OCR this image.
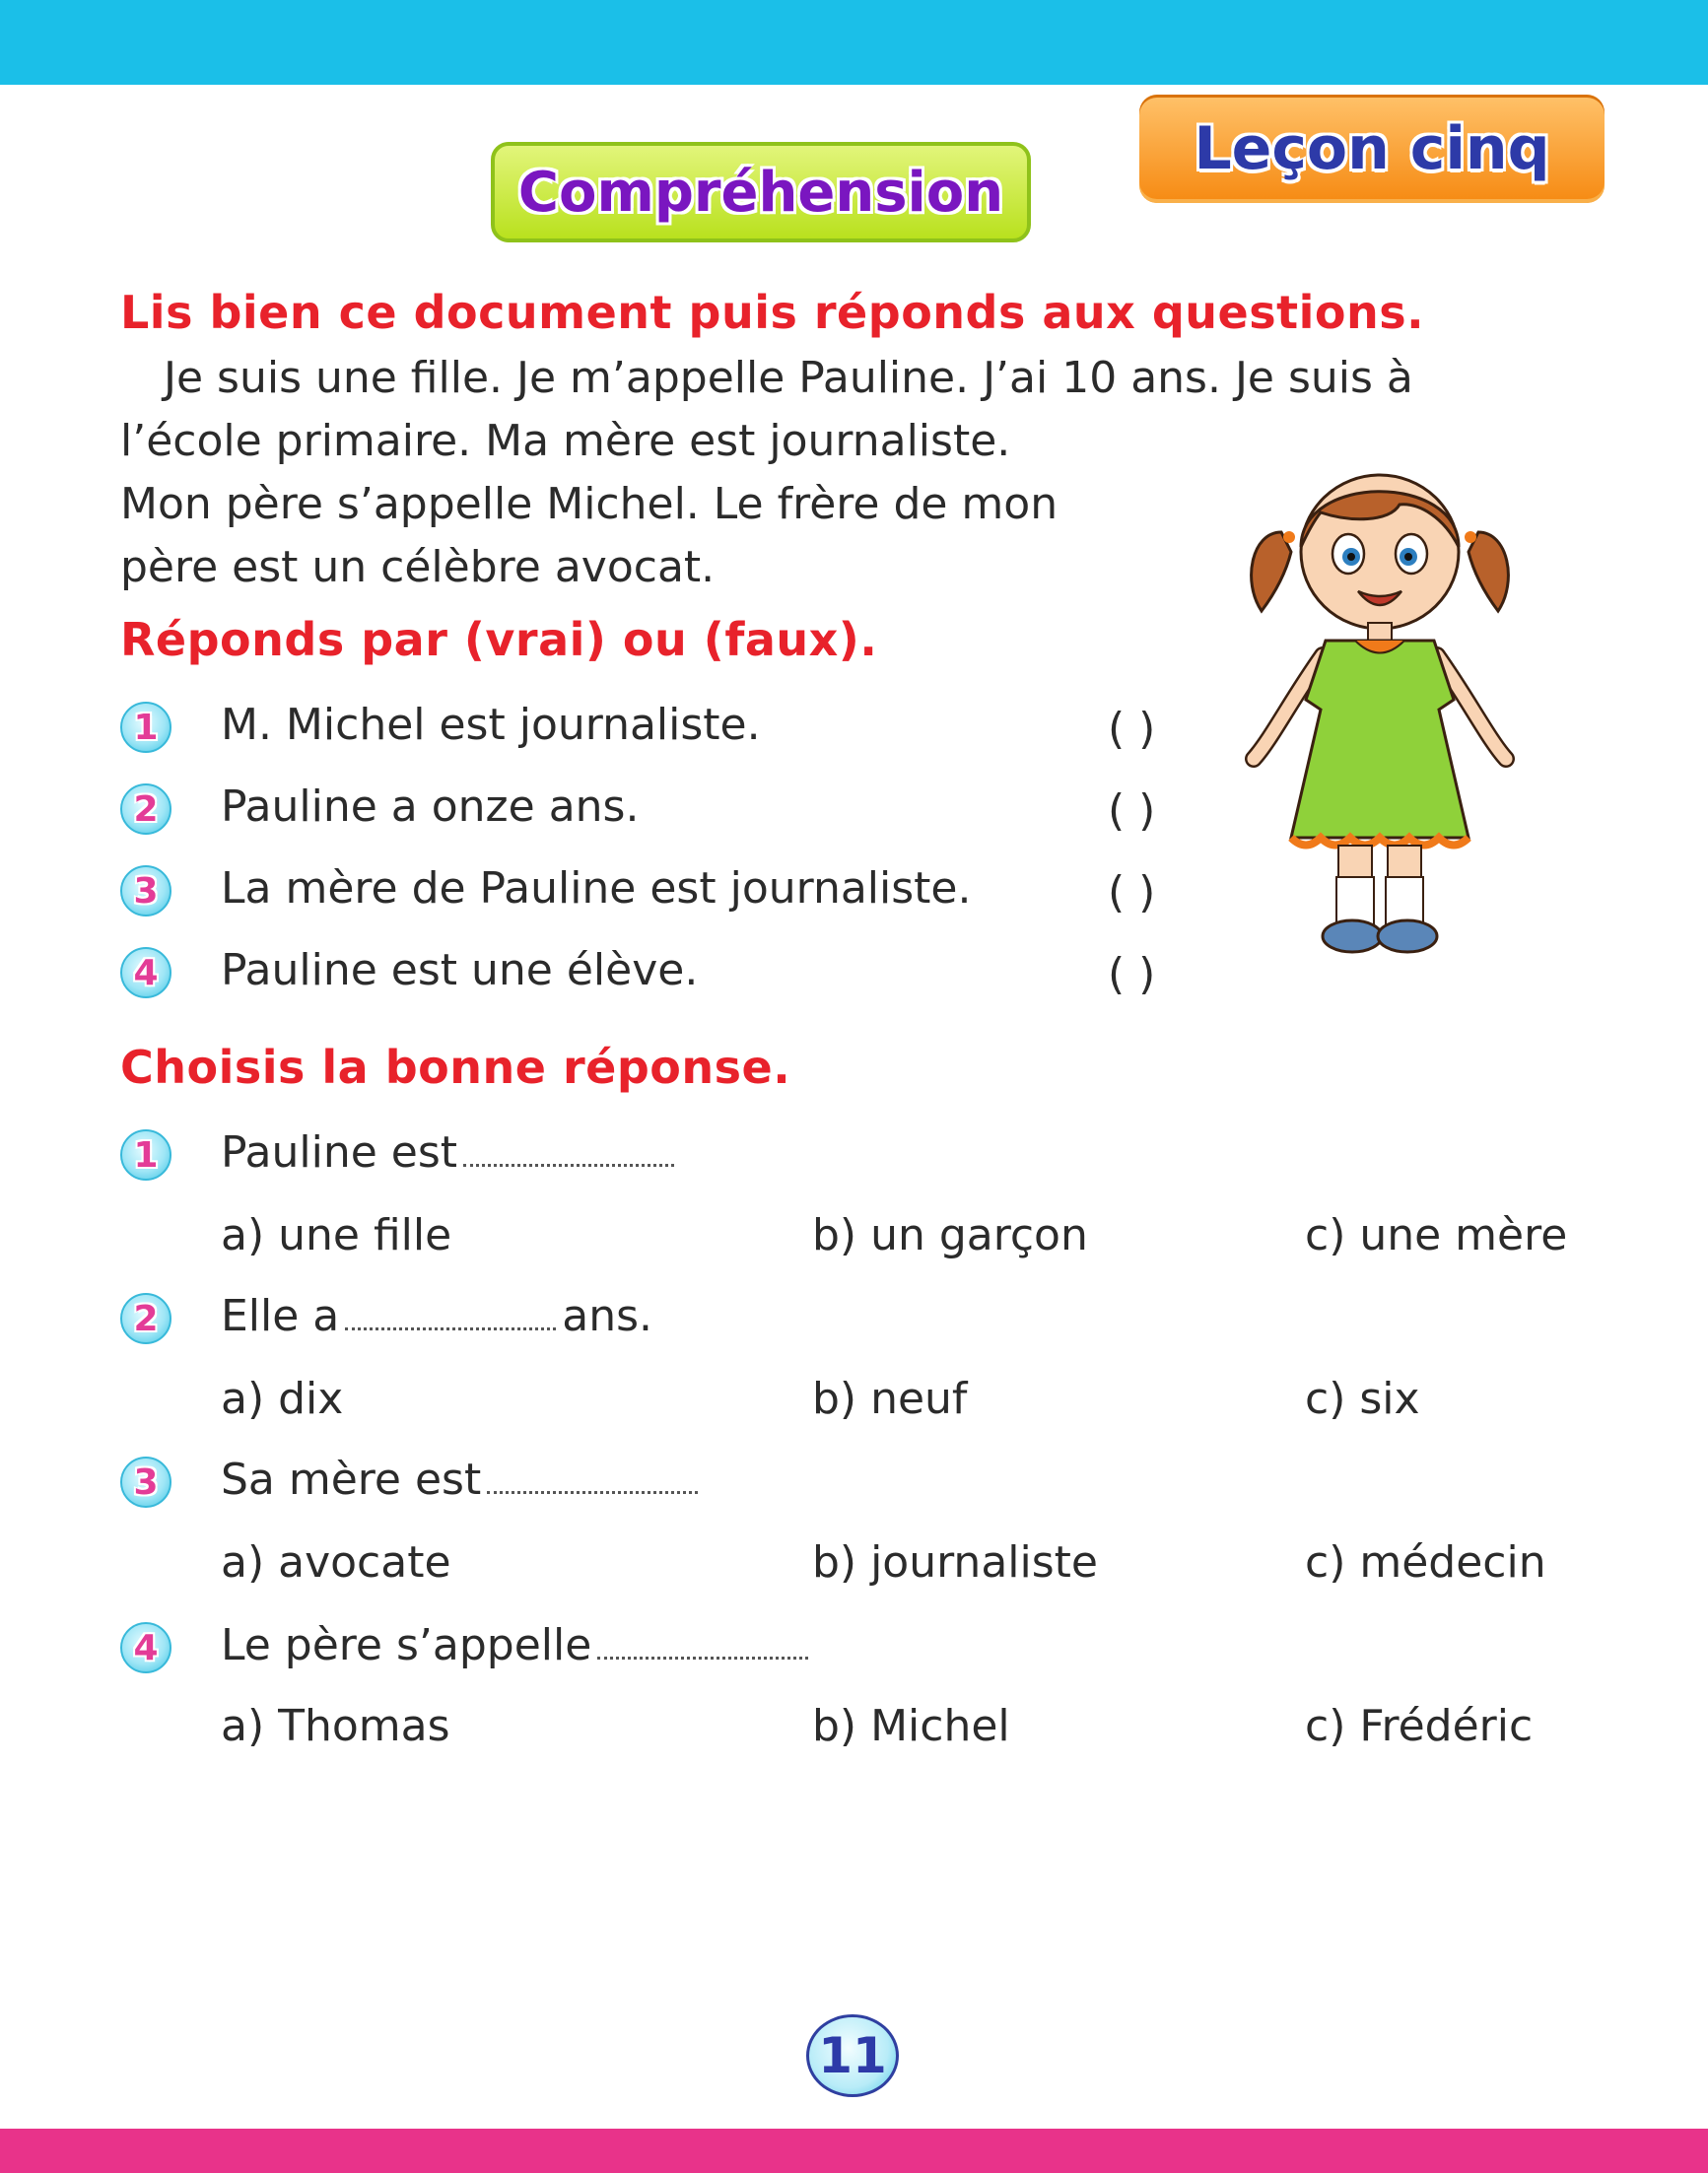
Leçon cinq
Compréhension
Lis bien ce document puis réponds aux questions.
Je suis une fille. Je m’appelle Pauline. J’ai 10 ans. Je suis à
l’école primaire. Ma mère est journaliste.
Mon père s’appelle Michel. Le frère de mon
père est un célèbre avocat.
Réponds par (vrai) ou (faux).
1	M. Michel est journaliste.	( )
2	Pauline a onze ans.	( )
3	La mère de Pauline est journaliste.	( )
4	Pauline est une élève.	( )
Choisis la bonne réponse.
1	Pauline est
a) une fille	b) un garçon	c) une mère
2	Elle a	ans.
a) dix	b) neuf	c) six
3	Sa mère est
a) avocate	b) journaliste	c) médecin
4	Le père s’appelle
a) Thomas	b) Michel	c) Frédéric
11
